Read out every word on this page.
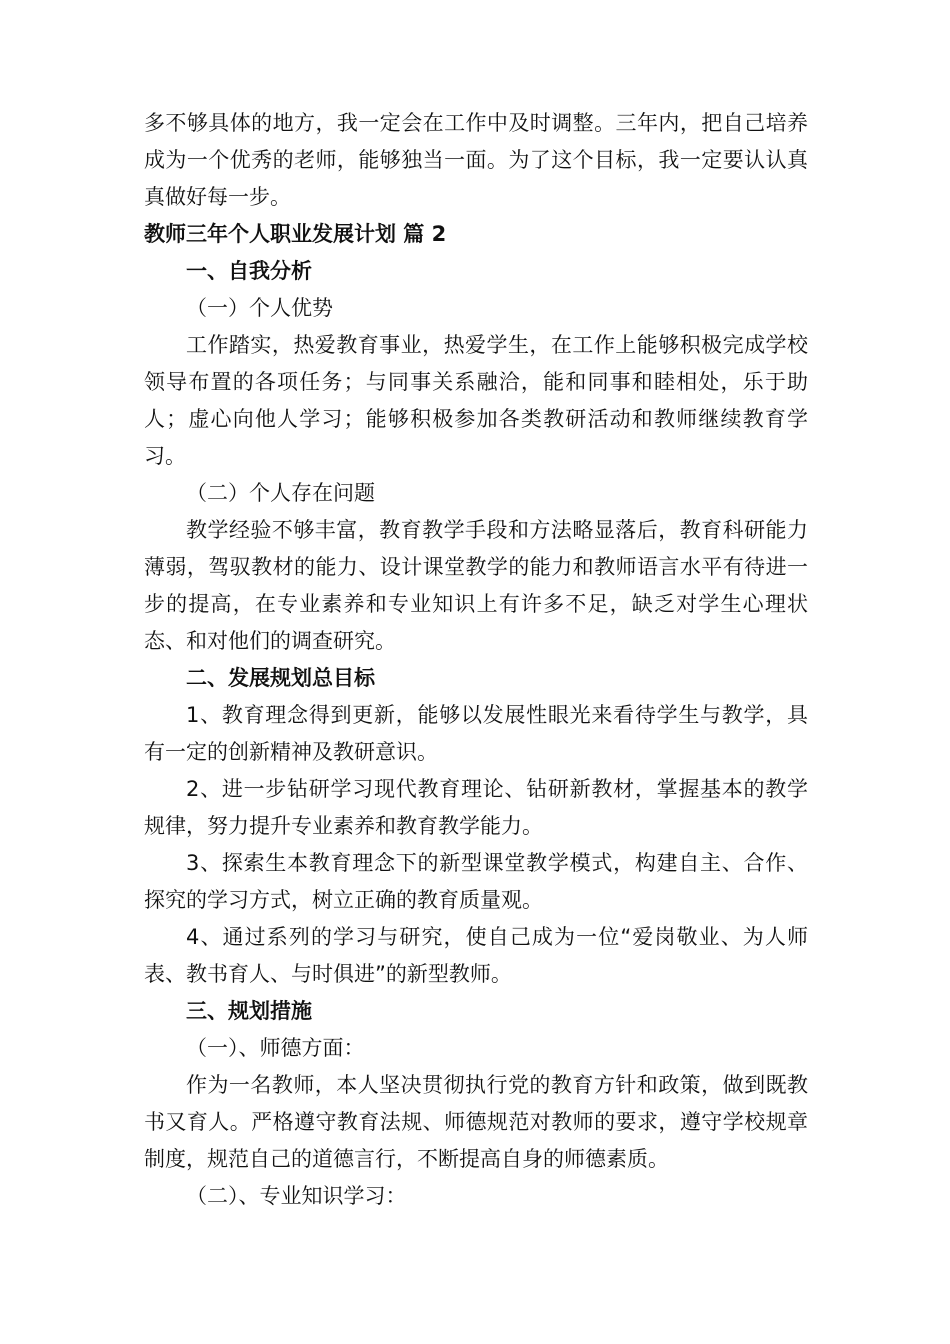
多不够具体的地方，我一定会在工作中及时调整。三年内，把自己培养成为一个优秀的老师，能够独当一面。为了这个目标，我一定要认认真真做好每一步。

教师三年个人职业发展计划 篇 2

一、自我分析

（一）个人优势

工作踏实，热爱教育事业，热爱学生，在工作上能够积极完成学校领导布置的各项任务；与同事关系融洽，能和同事和睦相处，乐于助人；虚心向他人学习；能够积极参加各类教研活动和教师继续教育学习。

（二）个人存在问题

教学经验不够丰富，教育教学手段和方法略显落后，教育科研能力薄弱，驾驭教材的能力、设计课堂教学的能力和教师语言水平有待进一步的提高，在专业素养和专业知识上有许多不足，缺乏对学生心理状态、和对他们的调查研究。

二、发展规划总目标

1、教育理念得到更新，能够以发展性眼光来看待学生与教学，具有一定的创新精神及教研意识。

2、进一步钻研学习现代教育理论、钻研新教材，掌握基本的教学规律，努力提升专业素养和教育教学能力。

3、探索生本教育理念下的新型课堂教学模式，构建自主、合作、探究的学习方式，树立正确的教育质量观。

4、通过系列的学习与研究，使自己成为一位“爱岗敬业、为人师表、教书育人、与时俱进”的新型教师。

三、规划措施

（一）、师德方面：

作为一名教师，本人坚决贯彻执行党的教育方针和政策，做到既教书又育人。严格遵守教育法规、师德规范对教师的要求，遵守学校规章制度，规范自己的道德言行，不断提高自身的师德素质。

（二）、专业知识学习：
